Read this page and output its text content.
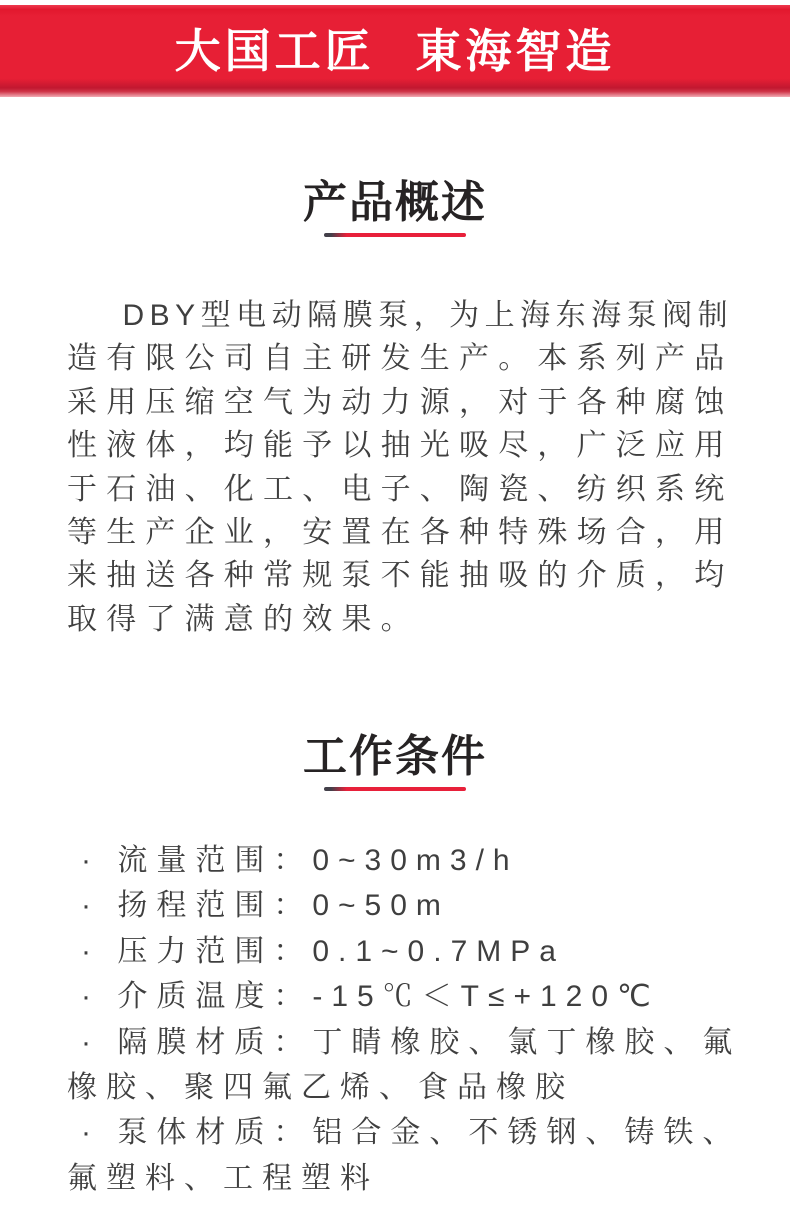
大国工匠 東海智造
产品概述
　DBY型电动隔膜泵，为上海东海泵阀制
造有限公司自主研发生产。本系列产品
采用压缩空气为动力源，对于各种腐蚀
性液体，均能予以抽光吸尽，广泛应用
于石油、化工、电子、陶瓷、纺织系统
等生产企业，安置在各种特殊场合，用
来抽送各种常规泵不能抽吸的介质，均
取得了满意的效果。
工作条件
· 流量范围：0~30m3/h
· 扬程范围：0~50m
· 压力范围：0.1~0.7MPa
· 介质温度：-15℃＜T≤+120℃
· 隔膜材质：丁睛橡胶、氯丁橡胶、氟
橡胶、聚四氟乙烯、食品橡胶
· 泵体材质：铝合金、不锈钢、铸铁、
氟塑料、工程塑料
